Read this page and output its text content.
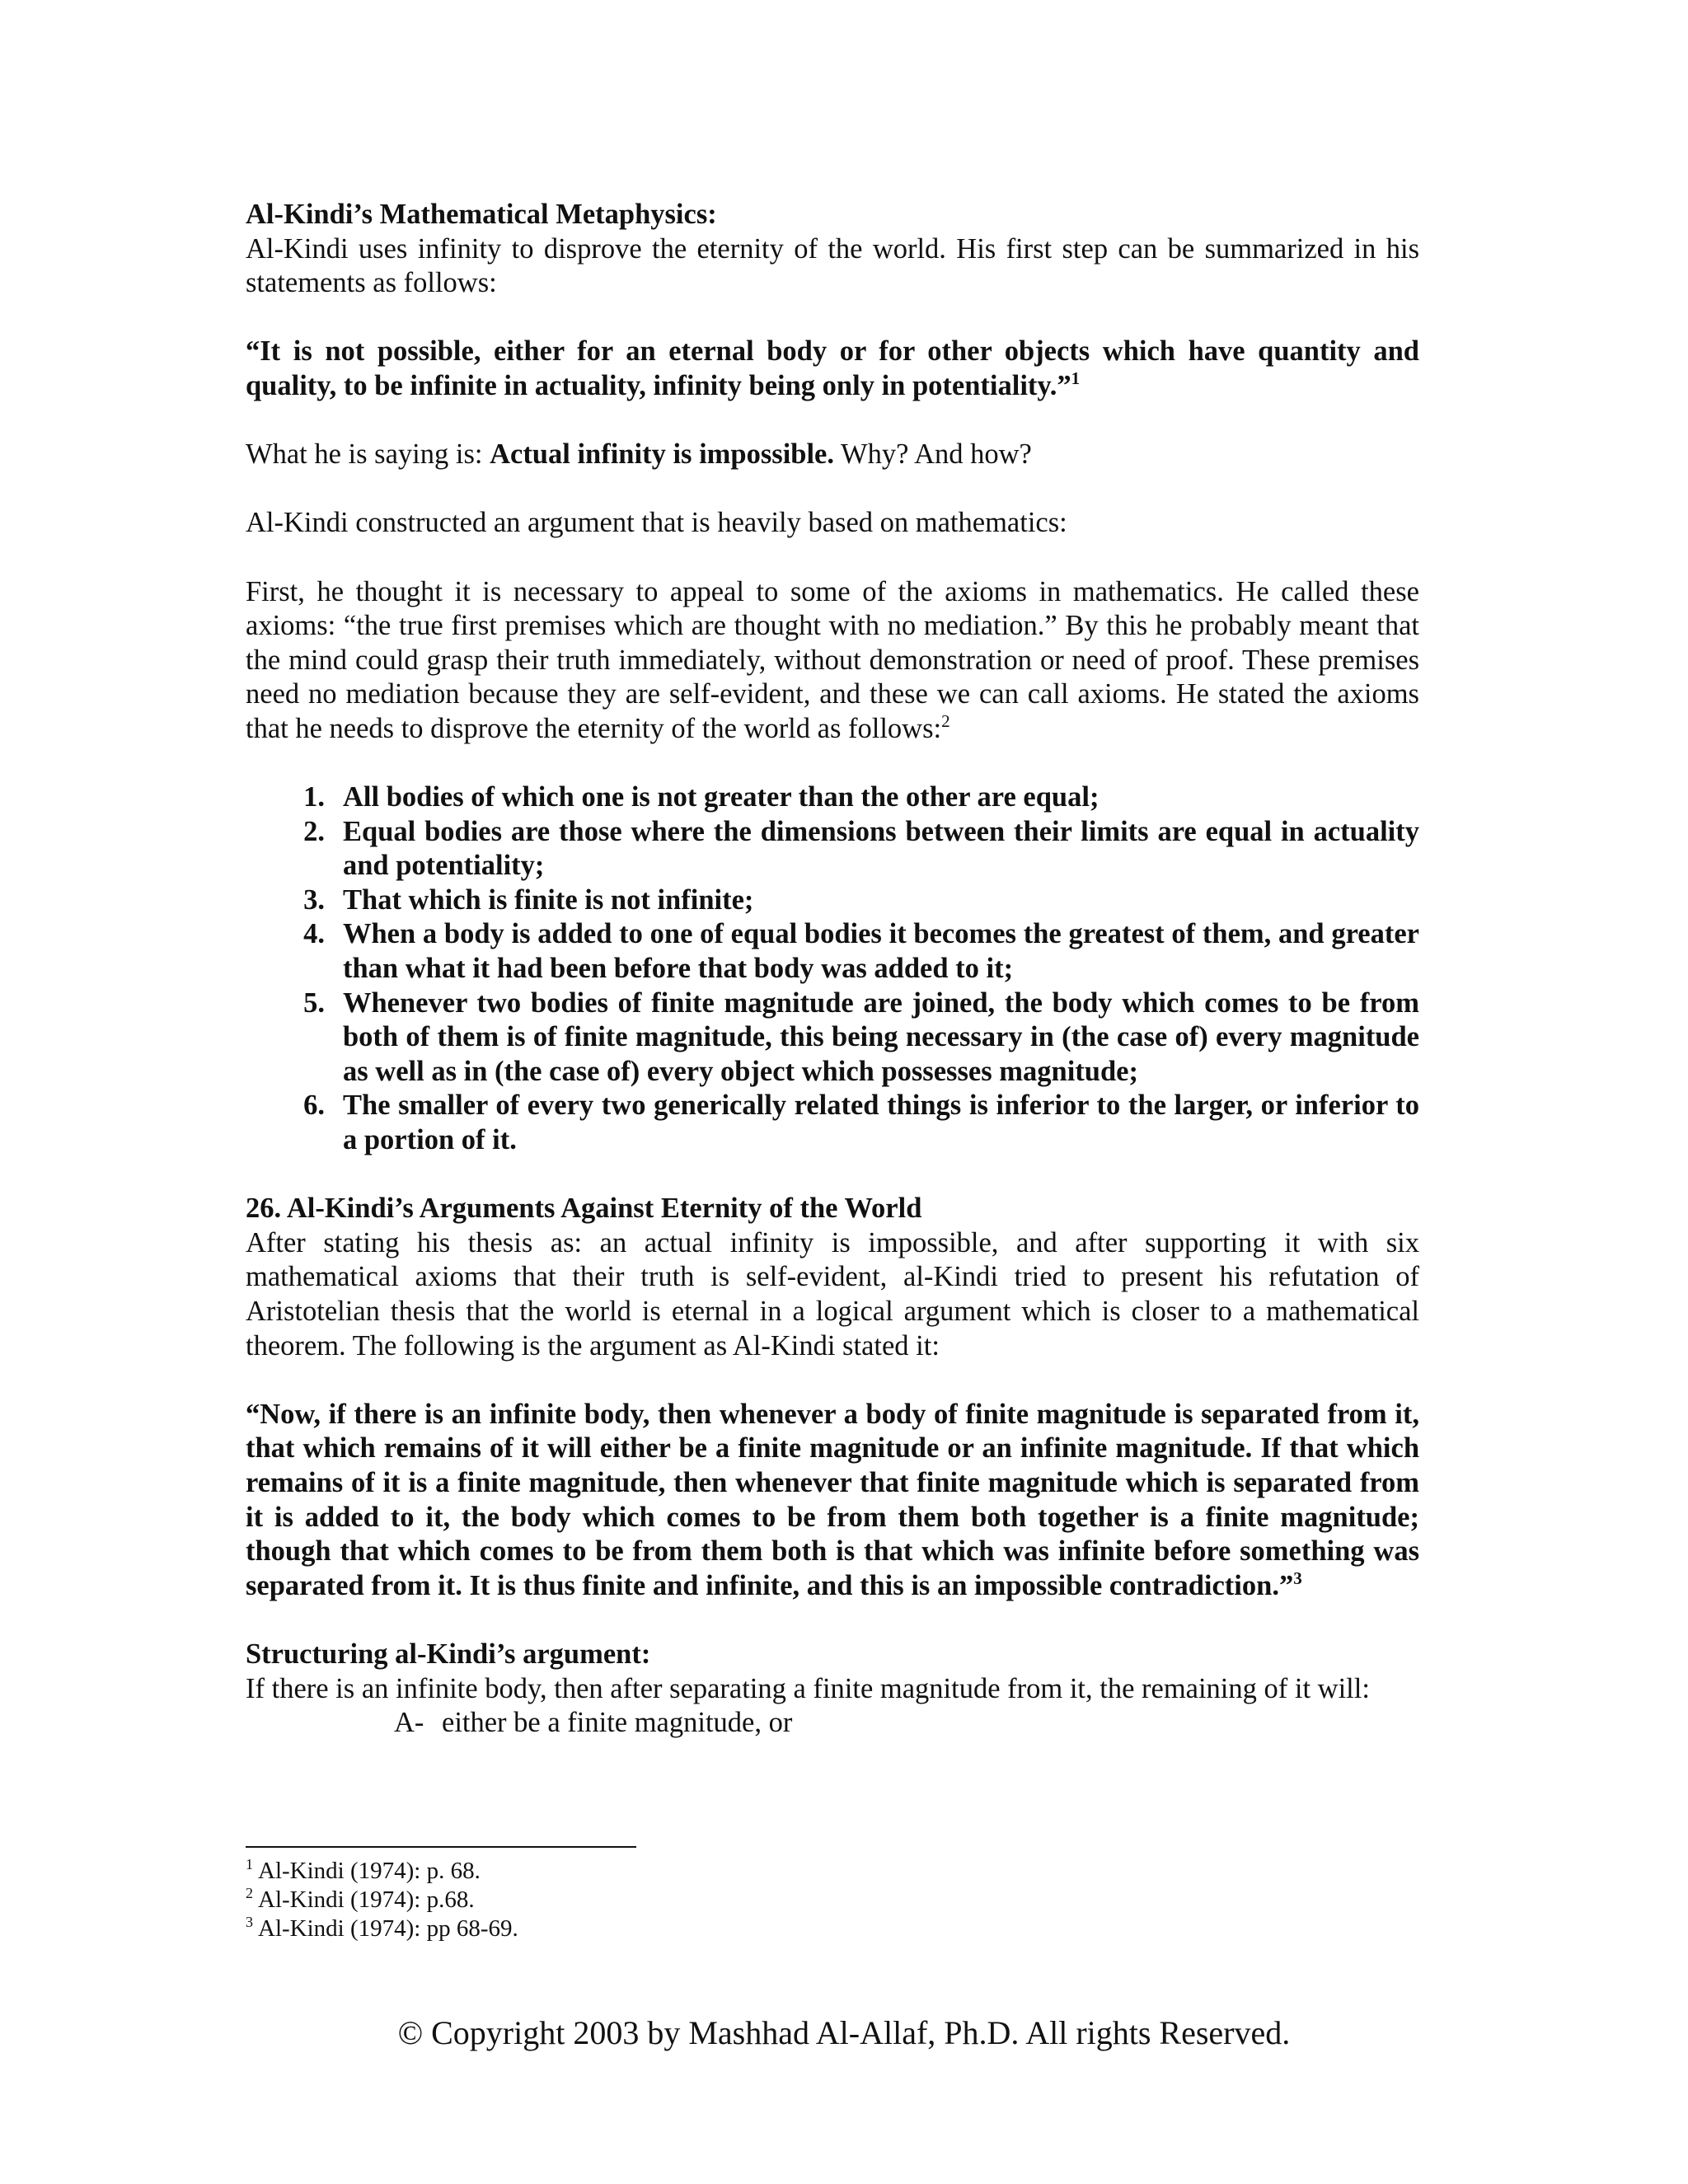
Al-Kindi’s Mathematical Metaphysics:

Al-Kindi uses infinity to disprove the eternity of the world. His first step can be summarized in his statements as follows:

“It is not possible, either for an eternal body or for other objects which have quantity and quality, to be infinite in actuality, infinity being only in potentiality.”$^1$

What he is saying is: Actual infinity is impossible. Why? And how?

Al-Kindi constructed an argument that is heavily based on mathematics:

First, he thought it is necessary to appeal to some of the axioms in mathematics. He called these axioms: “the true first premises which are thought with no mediation.” By this he probably meant that the mind could grasp their truth immediately, without demonstration or need of proof. These premises need no mediation because they are self-evident, and these we can call axioms. He stated the axioms that he needs to disprove the eternity of the world as follows:$^2$

1. All bodies of which one is not greater than the other are equal;
2. Equal bodies are those where the dimensions between their limits are equal in actuality and potentiality;
3. That which is finite is not infinite;
4. When a body is added to one of equal bodies it becomes the greatest of them, and greater than what it had been before that body was added to it;
5. Whenever two bodies of finite magnitude are joined, the body which comes to be from both of them is of finite magnitude, this being necessary in (the case of) every magnitude as well as in (the case of) every object which possesses magnitude;
6. The smaller of every two generically related things is inferior to the larger, or inferior to a portion of it.

26. Al-Kindi’s Arguments Against Eternity of the World

After stating his thesis as: an actual infinity is impossible, and after supporting it with six mathematical axioms that their truth is self-evident, al-Kindi tried to present his refutation of Aristotelian thesis that the world is eternal in a logical argument which is closer to a mathematical theorem. The following is the argument as Al-Kindi stated it:

“Now, if there is an infinite body, then whenever a body of finite magnitude is separated from it, that which remains of it will either be a finite magnitude or an infinite magnitude. If that which remains of it is a finite magnitude, then whenever that finite magnitude which is separated from it is added to it, the body which comes to be from them both together is a finite magnitude; though that which comes to be from them both is that which was infinite before something was separated from it. It is thus finite and infinite, and this is an impossible contradiction.”$^3$

Structuring al-Kindi’s argument:

If there is an infinite body, then after separating a finite magnitude from it, the remaining of it will:

A- either be a finite magnitude, or
$^1$ Al-Kindi (1974): p. 68.
$^2$ Al-Kindi (1974): p.68.
$^3$ Al-Kindi (1974): pp 68-69.
© Copyright 2003 by Mashhad Al-Allaf, Ph.D. All rights Reserved.
